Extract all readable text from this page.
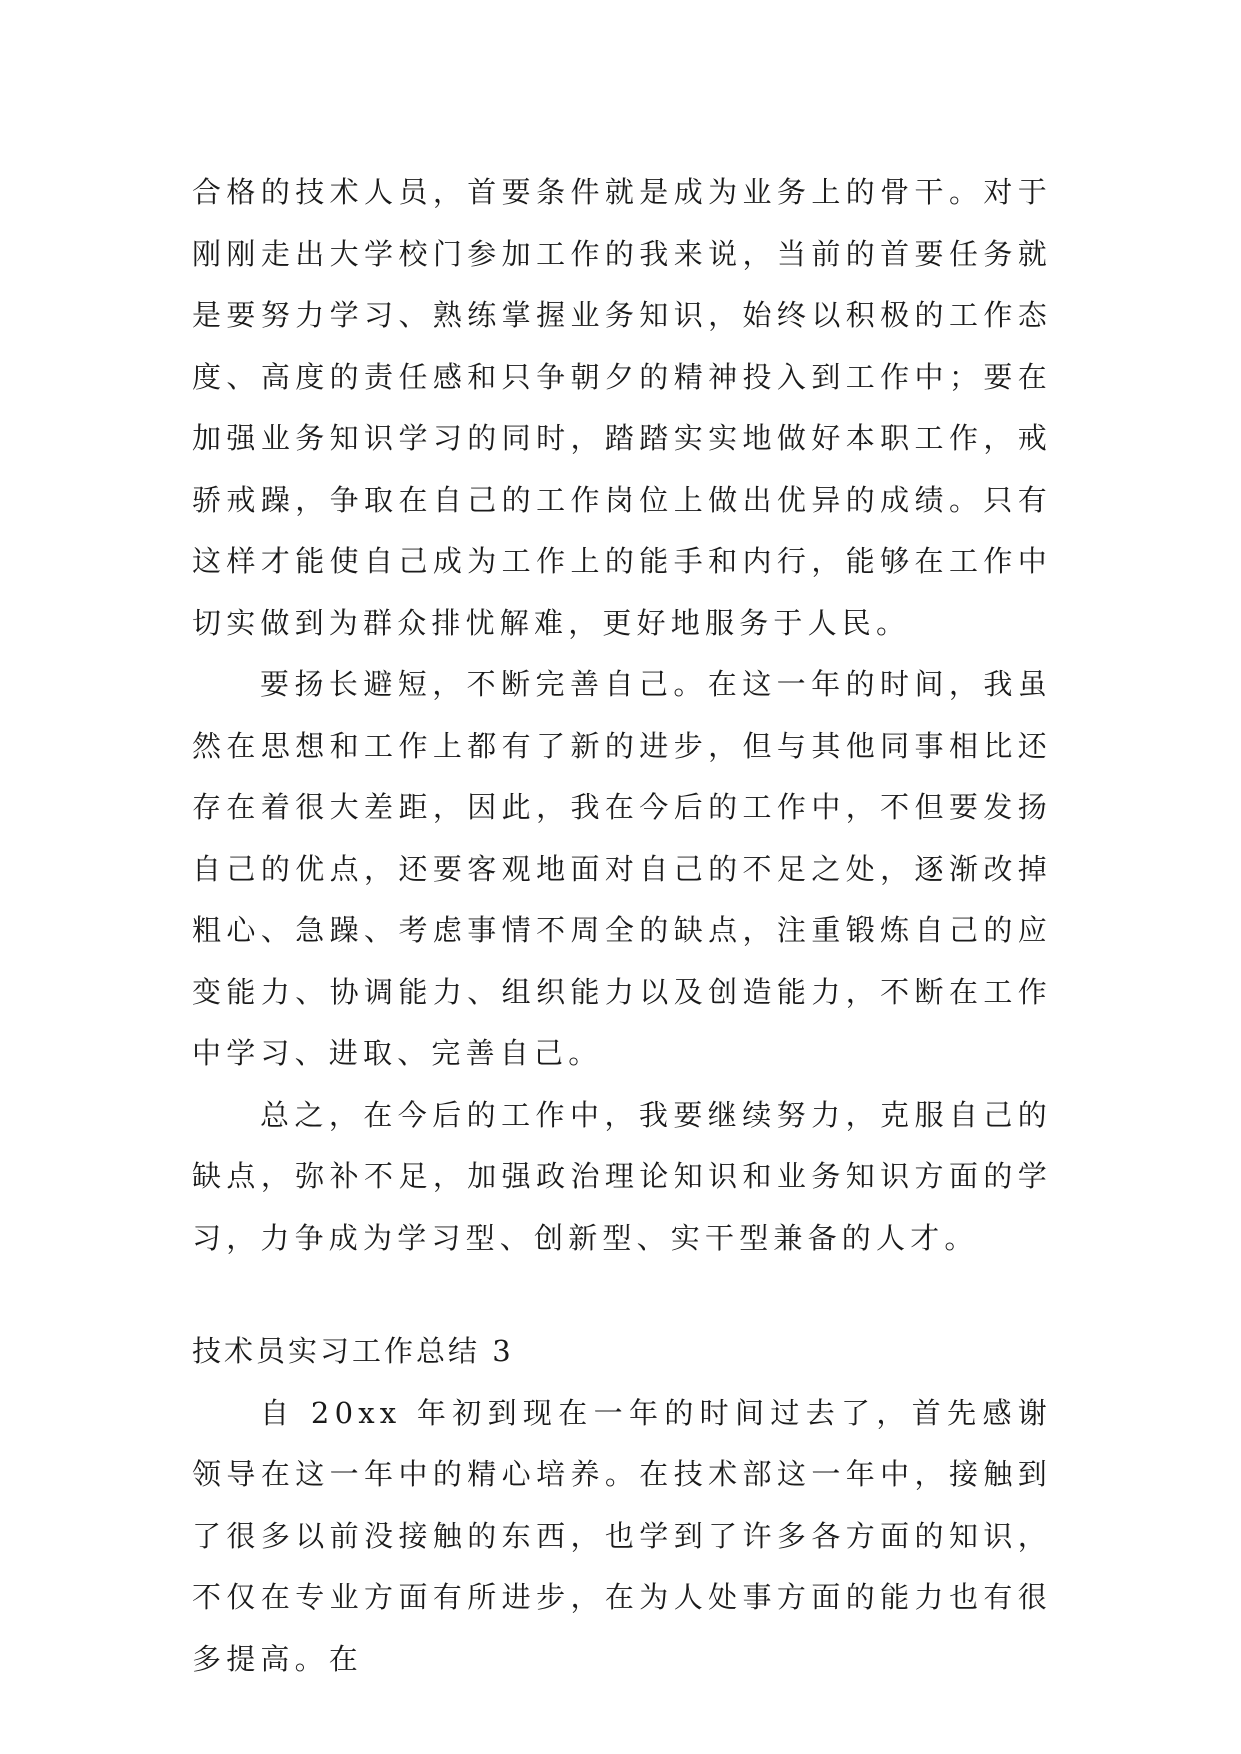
合格的技术人员，首要条件就是成为业务上的骨干。对于刚刚走出大学校门参加工作的我来说，当前的首要任务就是要努力学习、熟练掌握业务知识，始终以积极的工作态度、高度的责任感和只争朝夕的精神投入到工作中；要在加强业务知识学习的同时，踏踏实实地做好本职工作，戒骄戒躁，争取在自己的工作岗位上做出优异的成绩。只有这样才能使自己成为工作上的能手和内行，能够在工作中切实做到为群众排忧解难，更好地服务于人民。

要扬长避短，不断完善自己。在这一年的时间，我虽然在思想和工作上都有了新的进步，但与其他同事相比还存在着很大差距，因此，我在今后的工作中，不但要发扬自己的优点，还要客观地面对自己的不足之处，逐渐改掉粗心、急躁、考虑事情不周全的缺点，注重锻炼自己的应变能力、协调能力、组织能力以及创造能力，不断在工作中学习、进取、完善自己。

总之，在今后的工作中，我要继续努力，克服自己的缺点，弥补不足，加强政治理论知识和业务知识方面的学习，力争成为学习型、创新型、实干型兼备的人才。

技术员实习工作总结 3

自 20xx 年初到现在一年的时间过去了，首先感谢领导在这一年中的精心培养。在技术部这一年中，接触到了很多以前没接触的东西，也学到了许多各方面的知识，不仅在专业方面有所进步，在为人处事方面的能力也有很多提高。在
